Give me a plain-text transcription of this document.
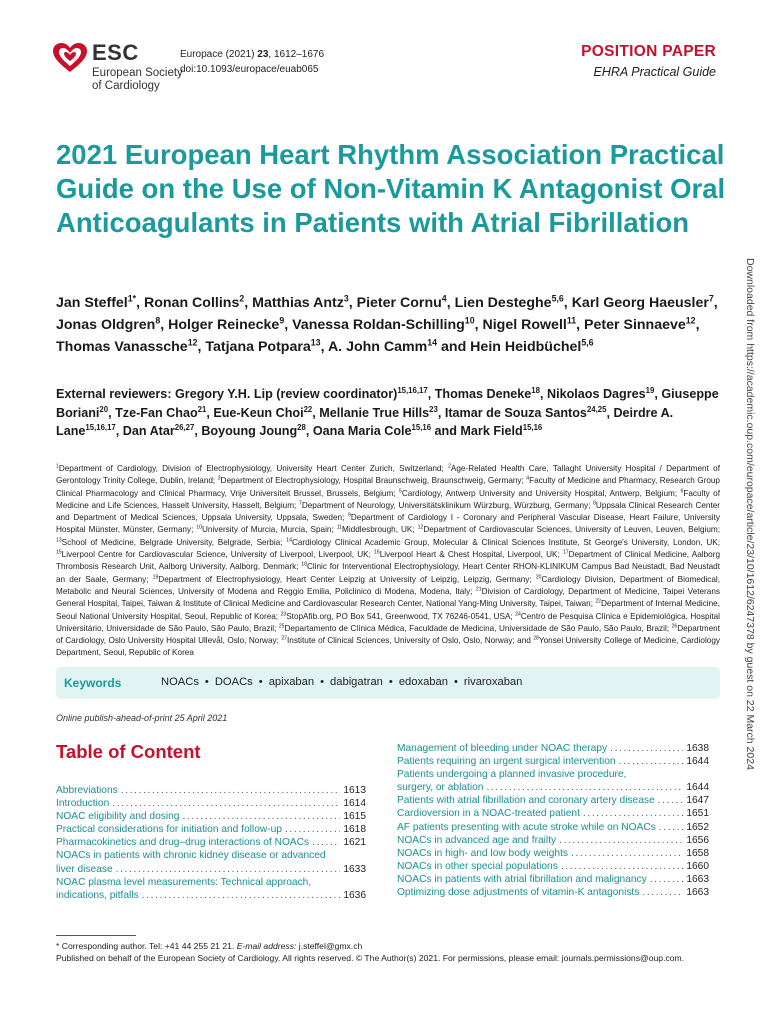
ESC
European Society
of Cardiology
Europace (2021) 23, 1612–1676
doi:10.1093/europace/euab065
POSITION PAPER
EHRA Practical Guide
Downloaded from https://academic.oup.com/europace/article/23/10/1612/6247378 by guest on 22 March 2024
2021 European Heart Rhythm Association Practical Guide on the Use of Non-Vitamin K Antagonist Oral Anticoagulants in Patients with Atrial Fibrillation
Jan Steffel$^{1*}$, Ronan Collins$^2$, Matthias Antz$^3$, Pieter Cornu$^4$, Lien Desteghe$^{5,6}$, Karl Georg Haeusler$^7$, Jonas Oldgren$^8$, Holger Reinecke$^9$, Vanessa Roldan-Schilling$^{10}$, Nigel Rowell$^{11}$, Peter Sinnaeve$^{12}$, Thomas Vanassche$^{12}$, Tatjana Potpara$^{13}$, A. John Camm$^{14}$ and Hein Heidbüchel$^{5,6}$
External reviewers: Gregory Y.H. Lip (review coordinator)$^{15,16,17}$, Thomas Deneke$^{18}$, Nikolaos Dagres$^{19}$, Giuseppe Boriani$^{20}$, Tze-Fan Chao$^{21}$, Eue-Keun Choi$^{22}$, Mellanie True Hills$^{23}$, Itamar de Souza Santos$^{24,25}$, Deirdre A. Lane$^{15,16,17}$, Dan Atar$^{26,27}$, Boyoung Joung$^{28}$, Oana Maria Cole$^{15,16}$ and Mark Field$^{15,16}$
$^1$Department of Cardiology, Division of Electrophysiology, University Heart Center Zurich, Switzerland; $^2$Age-Related Health Care, Tallaght University Hospital / Department of Gerontology Trinity College, Dublin, Ireland; $^3$Department of Electrophysiology, Hospital Braunschweig, Braunschweig, Germany; $^4$Faculty of Medicine and Pharmacy, Research Group Clinical Pharmacology and Clinical Pharmacy, Vrije Universiteit Brussel, Brussels, Belgium; $^5$Cardiology, Antwerp University and University Hospital, Antwerp, Belgium; $^6$Faculty of Medicine and Life Sciences, Hasselt University, Hasselt, Belgium; $^7$Department of Neurology, Universitätsklinikum Würzburg, Würzburg, Germany; $^8$Uppsala Clinical Research Center and Department of Medical Sciences, Uppsala University, Uppsala, Sweden; $^9$Department of Cardiology I - Coronary and Peripheral Vascular Disease, Heart Failure, University Hospital Münster, Münster, Germany; $^{10}$University of Murcia, Murcia, Spain; $^{11}$Middlesbrough, UK; $^{12}$Department of Cardiovascular Sciences, University of Leuven, Leuven, Belgium; $^{13}$School of Medicine, Belgrade University, Belgrade, Serbia; $^{14}$Cardiology Clinical Academic Group, Molecular & Clinical Sciences Institute, St George's University, London, UK; $^{15}$Liverpool Centre for Cardiovascular Science, University of Liverpool, Liverpool, UK; $^{16}$Liverpool Heart & Chest Hospital, Liverpool, UK; $^{17}$Department of Clinical Medicine, Aalborg Thrombosis Research Unit, Aalborg University, Aalborg, Denmark; $^{18}$Clinic for Interventional Electrophysiology, Heart Center RHON-KLINIKUM Campus Bad Neustadt, Bad Neustadt an der Saale, Germany; $^{19}$Department of Electrophysiology, Heart Center Leipzig at University of Leipzig, Leipzig, Germany; $^{20}$Cardiology Division, Department of Biomedical, Metabolic and Neural Sciences, University of Modena and Reggio Emilia, Policlinico di Modena, Modena, Italy; $^{21}$Division of Cardiology, Department of Medicine, Taipei Veterans General Hospital, Taipei, Taiwan & Institute of Clinical Medicine and Cardiovascular Research Center, National Yang-Ming University, Taipei, Taiwan; $^{22}$Department of Internal Medicine, Seoul National University Hospital, Seoul, Republic of Korea; $^{23}$StopAfib.org, PO Box 541, Greenwood, TX 76246-0541, USA; $^{24}$Centro de Pesquisa Clínica e Epidemiológica, Hospital Universitário, Universidade de São Paulo, São Paulo, Brazil; $^{25}$Departamento de Clínica Médica, Faculdade de Medicina, Universidade de São Paulo, São Paulo, Brazil; $^{26}$Department of Cardiology, Oslo University Hospital Ullevål, Oslo, Norway; $^{27}$Institute of Clinical Sciences, University of Oslo, Oslo, Norway; and $^{28}$Yonsei University College of Medicine, Cardiology Department, Seoul, Republic of Korea
Keywords	NOACs • DOACs • apixaban • dabigatran • edoxaban • rivaroxaban
Online publish-ahead-of-print 25 April 2021
Table of Content
Abbreviations . . .	1613
Introduction . . .	1614
NOAC eligibility and dosing . . .	1615
Practical considerations for initiation and follow-up . . .	1618
Pharmacokinetics and drug–drug interactions of NOACs . . .	1621
NOACs in patients with chronic kidney disease or advanced
liver disease . . .	1633
NOAC plasma level measurements: Technical approach,
indications, pitfalls . . .	1636
Management of bleeding under NOAC therapy . . .	1638
Patients requiring an urgent surgical intervention . . .	1644
Patients undergoing a planned invasive procedure,
surgery, or ablation . . .	1644
Patients with atrial fibrillation and coronary artery disease . . .	1647
Cardioversion in a NOAC-treated patient . . .	1651
AF patients presenting with acute stroke while on NOACs . . .	1652
NOACs in advanced age and frailty . . .	1656
NOACs in high- and low body weights . . .	1658
NOACs in other special populations . . .	1660
NOACs in patients with atrial fibrillation and malignancy . . .	1663
Optimizing dose adjustments of vitamin-K antagonists . . .	1663
* Corresponding author. Tel: +41 44 255 21 21. E-mail address: j.steffel@gmx.ch
Published on behalf of the European Society of Cardiology. All rights reserved. © The Author(s) 2021. For permissions, please email: journals.permissions@oup.com.
